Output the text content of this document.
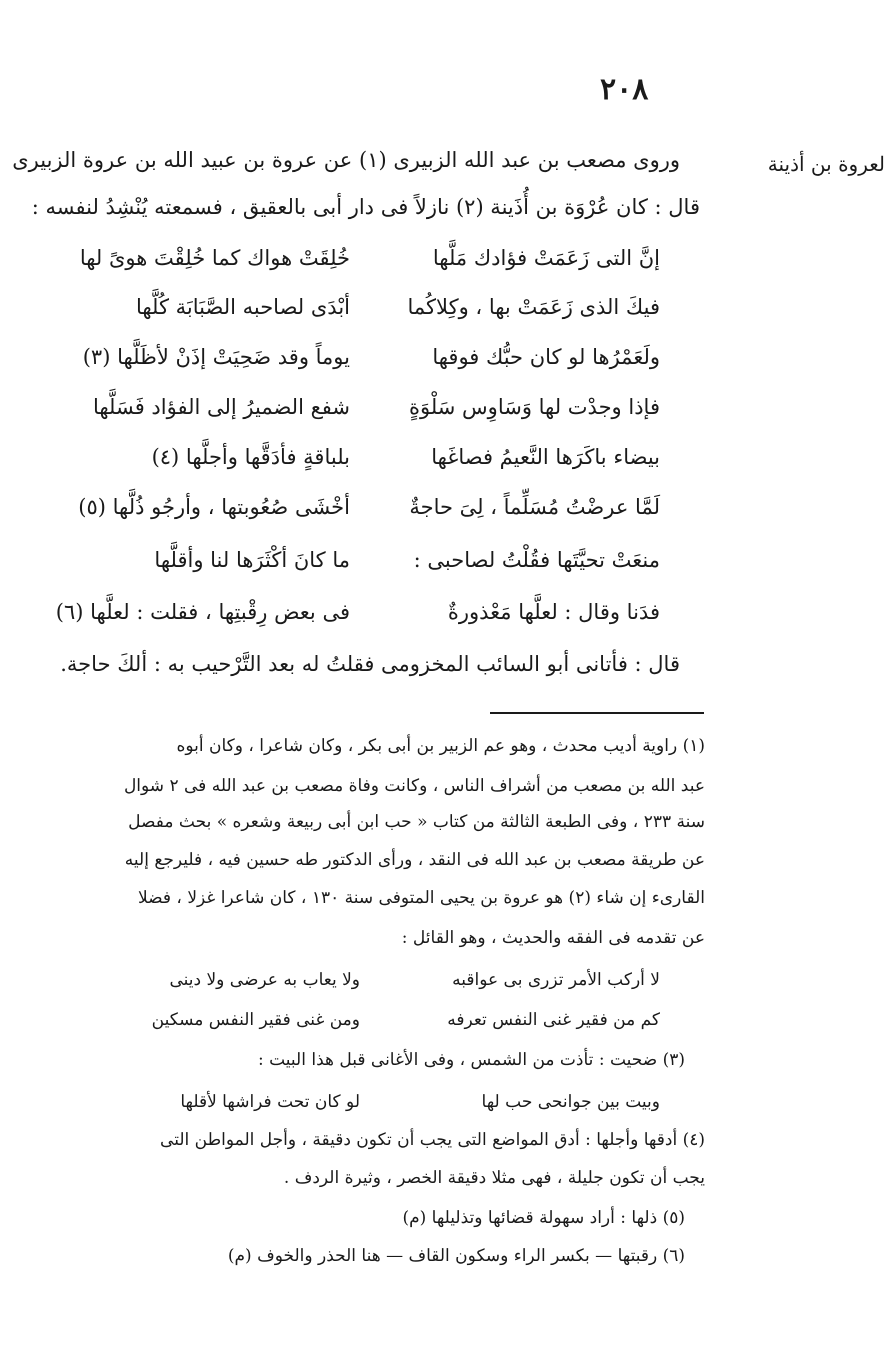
٢٠٨
لعروة بن أذينة
وروى مصعب بن عبد الله الزبيرى (١) عن عروة بن عبيد الله بن عروة الزبيرى
قال : كان عُرْوَة بن أُذَينة (٢) نازلاً فى دار أبى بالعقيق ، فسمعته يُنْشِدُ لنفسه :
إنَّ التى زَعَمَتْ فؤادك مَلَّها
خُلِقَتْ هواك كما خُلِقْتَ هوىً لها
فيكَ الذى زَعَمَتْ بها ، وكِلاكُما
أبْدَى لصاحبه الصَّبَابَة كُلَّها
ولَعَمْرُها لو كان حبُّك فوقها
يوماً وقد ضَحِيَتْ إذَنْ لأظَلَّها (٣)
فإذا وجدْت لها وَسَاوِس سَلْوَةٍ
شفع الضميرُ إلى الفؤاد فَسَلَّها
بيضاء باكَرَها النَّعيمُ فصاغَها
بلباقةٍ فأدَقَّها وأجلَّها (٤)
لَمَّا عرضْتُ مُسَلِّماً ، لِىَ حاجةٌ
أخْشَى صُعُوبتها ، وأرجُو ذُلَّها (٥)
منعَتْ تحيَّتَها فقُلْتُ لصاحبى :
ما كانَ أكْثَرَها لنا وأقلَّها
فدَنا وقال : لعلَّها مَعْذورةٌ
فى بعض رِقْبتِها ، فقلت : لعلَّها (٦)
قال : فأتانى أبو السائب المخزومى فقلتُ له بعد التَّرْحيب به : ألكَ حاجة.
(١) راوية أديب محدث ، وهو عم الزبير بن أبى بكر ، وكان شاعرا ، وكان أبوه
عبد الله بن مصعب من أشراف الناس ، وكانت وفاة مصعب بن عبد الله فى ٢ شوال
سنة ٢٣٣ ، وفى الطبعة الثالثة من كتاب « حب ابن أبى ربيعة وشعره » بحث مفصل
عن طريقة مصعب بن عبد الله فى النقد ، ورأى الدكتور طه حسين فيه ، فليرجع إليه
القارىء إن شاء (٢) هو عروة بن يحيى المتوفى سنة ١٣٠ ، كان شاعرا غزلا ، فضلا
عن تقدمه فى الفقه والحديث ، وهو القائل :
لا أركب الأمر تزرى بى عواقبه
ولا يعاب به عرضى ولا دينى
كم من فقير غنى النفس تعرفه
ومن غنى فقير النفس مسكين
(٣) ضحيت : تأذت من الشمس ، وفى الأغانى قبل هذا البيت :
وبيت بين جوانحى حب لها
لو كان تحت فراشها لأقلها
(٤) أدقها وأجلها : أدق المواضع التى يجب أن تكون دقيقة ، وأجل المواطن التى
يجب أن تكون جليلة ، فهى مثلا دقيقة الخصر ، وثيرة الردف .
(٥) ذلها : أراد سهولة قضائها وتذليلها (م)
(٦) رقبتها — بكسر الراء وسكون القاف — هنا الحذر والخوف (م)
